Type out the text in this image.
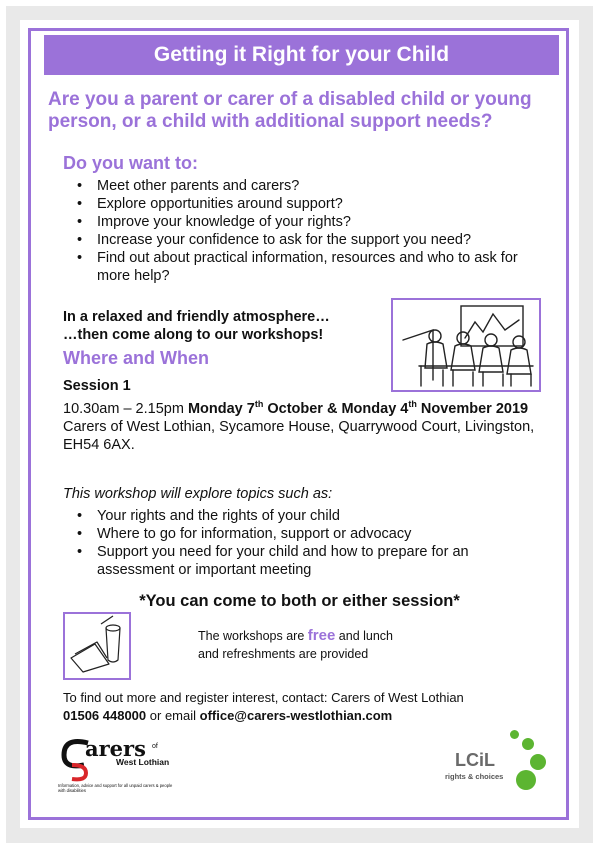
Getting it Right for your Child
Are you a parent or carer of a disabled child or young person, or a child with additional support needs?
Do you want to:
• Meet other parents and carers?
• Explore opportunities around support?
• Improve your knowledge of your rights?
• Increase your confidence to ask for the support you need?
• Find out about practical information, resources and who to ask for more help?
In a relaxed and friendly atmosphere…
…then come along to our workshops!
Where and When
Session 1
10.30am – 2.15pm Monday 7th October & Monday 4th November 2019
Carers of West Lothian, Sycamore House, Quarrywood Court, Livingston, EH54 6AX.
This workshop will explore topics such as:
• Your rights and the rights of your child
• Where to go for information, support or advocacy
• Support you need for your child and how to prepare for an assessment or important meeting
*You can come to both or either session*
The workshops are free and lunch
and refreshments are provided
To find out more and register interest, contact: Carers of West Lothian
01506 448000 or email office@carers-westlothian.com
arers of
West Lothian
Information, advice and support for all unpaid carers & people with disabilities
LCiL
rights & choices
